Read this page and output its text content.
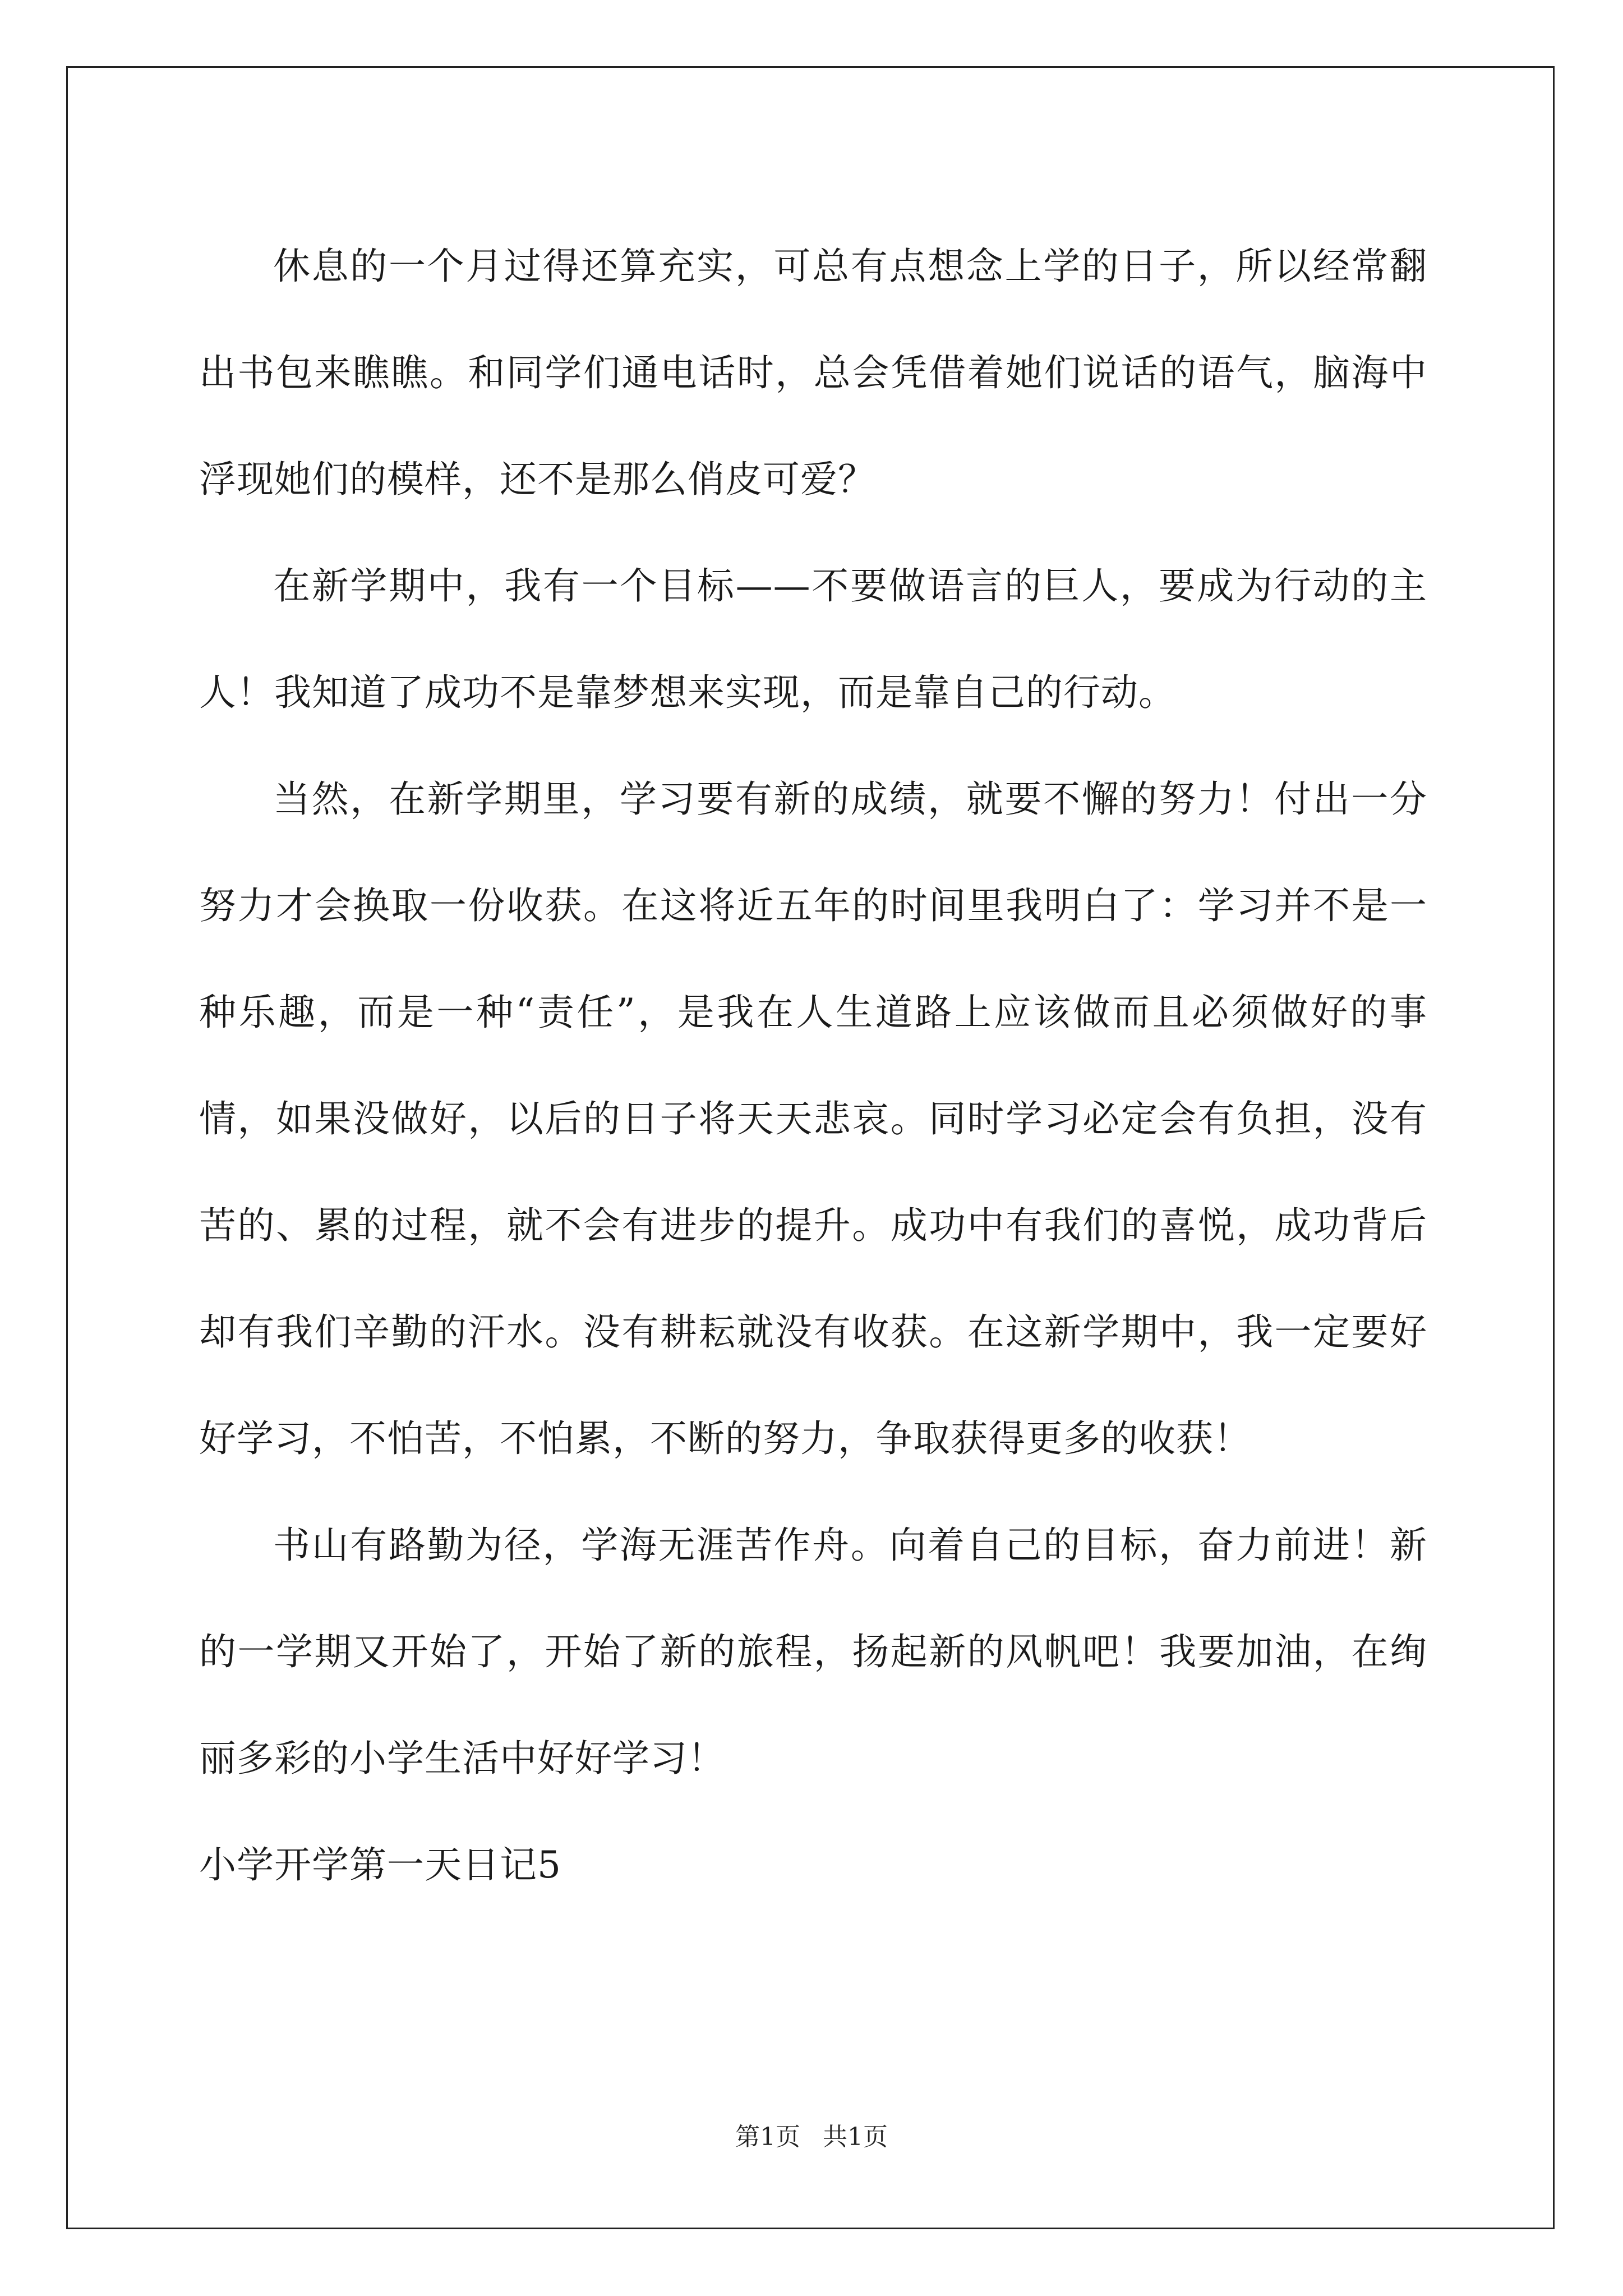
休息的一个月过得还算充实，可总有点想念上学的日子，所以经常翻出书包来瞧瞧。和同学们通电话时，总会凭借着她们说话的语气，脑海中浮现她们的模样，还不是那么俏皮可爱？

在新学期中，我有一个目标——不要做语言的巨人，要成为行动的主人！我知道了成功不是靠梦想来实现，而是靠自己的行动。

当然，在新学期里，学习要有新的成绩，就要不懈的努力！付出一分努力才会换取一份收获。在这将近五年的时间里我明白了：学习并不是一种乐趣，而是一种“责任”，是我在人生道路上应该做而且必须做好的事情，如果没做好，以后的日子将天天悲哀。同时学习必定会有负担，没有苦的、累的过程，就不会有进步的提升。成功中有我们的喜悦，成功背后却有我们辛勤的汗水。没有耕耘就没有收获。在这新学期中，我一定要好好学习，不怕苦，不怕累，不断的努力，争取获得更多的收获！

书山有路勤为径，学海无涯苦作舟。向着自己的目标，奋力前进！新的一学期又开始了，开始了新的旅程，扬起新的风帆吧！我要加油，在绚丽多彩的小学生活中好好学习！

小学开学第一天日记5

第1页 共1页
